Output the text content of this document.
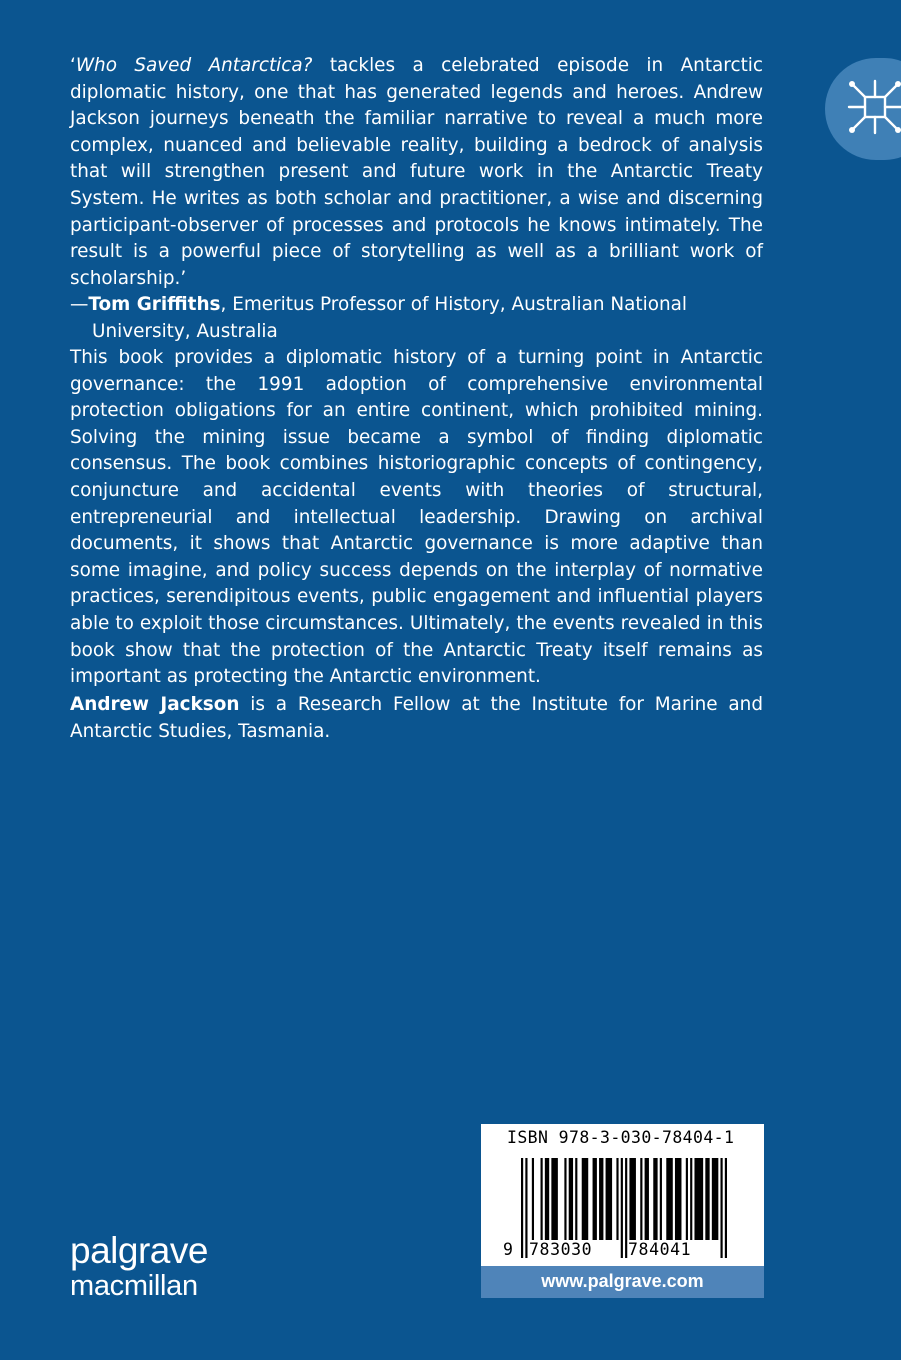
‘Who Saved Antarctica? tackles a celebrated episode in Antarctic diplomatic history, one that has generated legends and heroes. Andrew Jackson journeys beneath the familiar narrative to reveal a much more complex, nuanced and believable reality, building a bedrock of analysis that will strengthen present and future work in the Antarctic Treaty System. He writes as both scholar and practitioner, a wise and discerning participant-observer of processes and protocols he knows intimately. The result is a powerful piece of storytelling as well as a brilliant work of scholarship.’

—Tom Griffiths, Emeritus Professor of History, Australian National University, Australia

This book provides a diplomatic history of a turning point in Antarctic governance: the 1991 adoption of comprehensive environmental protection obligations for an entire continent, which prohibited mining. Solving the mining issue became a symbol of finding diplomatic consensus. The book combines historiographic concepts of contingency, conjuncture and accidental events with theories of structural, entrepreneurial and intellectual leadership. Drawing on archival documents, it shows that Antarctic governance is more adaptive than some imagine, and policy success depends on the interplay of normative practices, serendipitous events, public engagement and influential players able to exploit those circumstances. Ultimately, the events revealed in this book show that the protection of the Antarctic Treaty itself remains as important as protecting the Antarctic environment.

Andrew Jackson is a Research Fellow at the Institute for Marine and Antarctic Studies, Tasmania.

palgrave
macmillan
ISBN 978-3-030-78404-1
9 783030 784041
www.palgrave.com
